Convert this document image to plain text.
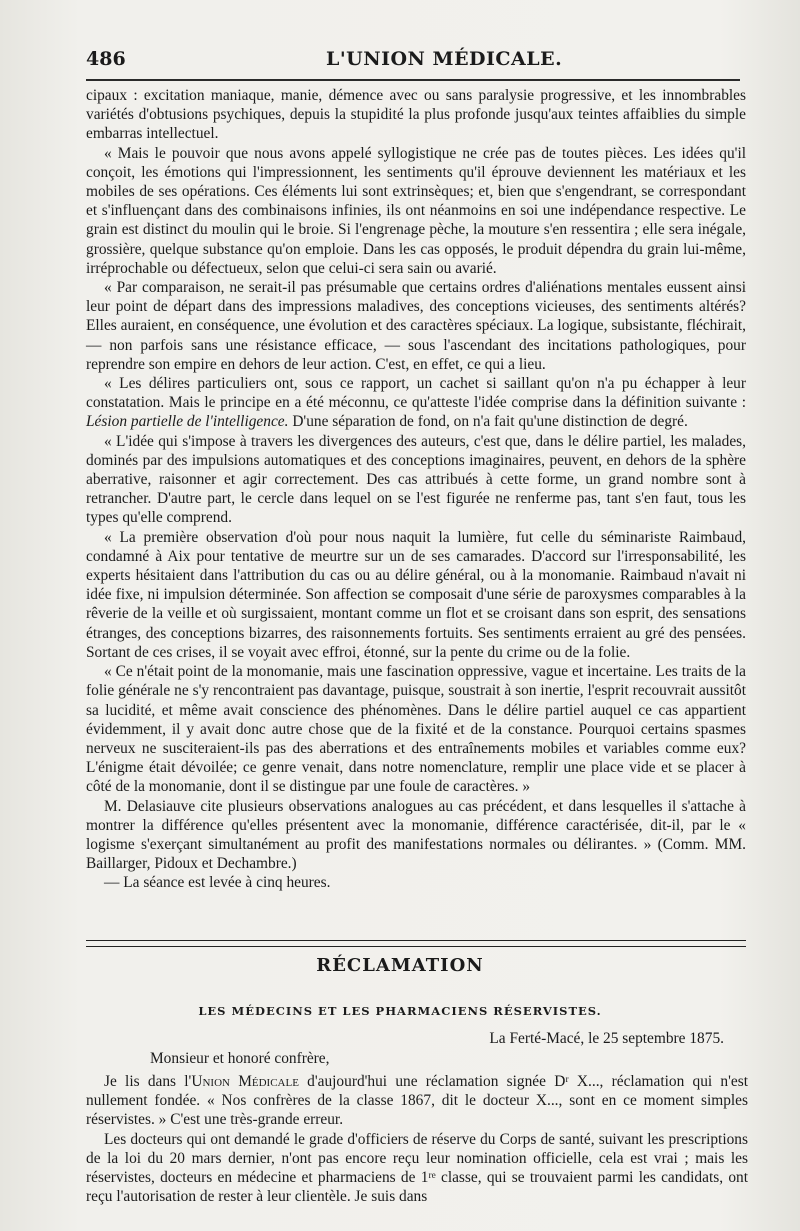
486	L'UNION MÉDICALE.

cipaux : excitation maniaque, manie, démence avec ou sans paralysie progressive, et les innombrables variétés d'obtusions psychiques, depuis la stupidité la plus profonde jusqu'aux teintes affaiblies du simple embarras intellectuel.

« Mais le pouvoir que nous avons appelé syllogistique ne crée pas de toutes pièces. Les idées qu'il conçoit, les émotions qui l'impressionnent, les sentiments qu'il éprouve deviennent les matériaux et les mobiles de ses opérations. Ces éléments lui sont extrinsèques; et, bien que s'engendrant, se correspondant et s'influençant dans des combinaisons infinies, ils ont néanmoins en soi une indépendance respective. Le grain est distinct du moulin qui le broie. Si l'engrenage pèche, la mouture s'en ressentira ; elle sera inégale, grossière, quelque substance qu'on emploie. Dans les cas opposés, le produit dépendra du grain lui-même, irréprochable ou défectueux, selon que celui-ci sera sain ou avarié.

« Par comparaison, ne serait-il pas présumable que certains ordres d'aliénations mentales eussent ainsi leur point de départ dans des impressions maladives, des conceptions vicieuses, des sentiments altérés? Elles auraient, en conséquence, une évolution et des caractères spéciaux. La logique, subsistante, fléchirait, — non parfois sans une résistance efficace, — sous l'ascendant des incitations pathologiques, pour reprendre son empire en dehors de leur action. C'est, en effet, ce qui a lieu.

« Les délires particuliers ont, sous ce rapport, un cachet si saillant qu'on n'a pu échapper à leur constatation. Mais le principe en a été méconnu, ce qu'atteste l'idée comprise dans la définition suivante : Lésion partielle de l'intelligence. D'une séparation de fond, on n'a fait qu'une distinction de degré.

« L'idée qui s'impose à travers les divergences des auteurs, c'est que, dans le délire partiel, les malades, dominés par des impulsions automatiques et des conceptions imaginaires, peuvent, en dehors de la sphère aberrative, raisonner et agir correctement. Des cas attribués à cette forme, un grand nombre sont à retrancher. D'autre part, le cercle dans lequel on se l'est figurée ne renferme pas, tant s'en faut, tous les types qu'elle comprend.

« La première observation d'où pour nous naquit la lumière, fut celle du séminariste Raimbaud, condamné à Aix pour tentative de meurtre sur un de ses camarades. D'accord sur l'irresponsabilité, les experts hésitaient dans l'attribution du cas ou au délire général, ou à la monomanie. Raimbaud n'avait ni idée fixe, ni impulsion déterminée. Son affection se composait d'une série de paroxysmes comparables à la rêverie de la veille et où surgissaient, montant comme un flot et se croisant dans son esprit, des sensations étranges, des conceptions bizarres, des raisonnements fortuits. Ses sentiments erraient au gré des pensées. Sortant de ces crises, il se voyait avec effroi, étonné, sur la pente du crime ou de la folie.

« Ce n'était point de la monomanie, mais une fascination oppressive, vague et incertaine. Les traits de la folie générale ne s'y rencontraient pas davantage, puisque, soustrait à son inertie, l'esprit recouvrait aussitôt sa lucidité, et même avait conscience des phénomènes. Dans le délire partiel auquel ce cas appartient évidemment, il y avait donc autre chose que de la fixité et de la constance. Pourquoi certains spasmes nerveux ne susciteraient-ils pas des aberrations et des entraînements mobiles et variables comme eux? L'énigme était dévoilée; ce genre venait, dans notre nomenclature, remplir une place vide et se placer à côté de la monomanie, dont il se distingue par une foule de caractères. »

M. Delasiauve cite plusieurs observations analogues au cas précédent, et dans lesquelles il s'attache à montrer la différence qu'elles présentent avec la monomanie, différence caractérisée, dit-il, par le « logisme s'exerçant simultanément au profit des manifestations normales ou délirantes. » (Comm. MM. Baillarger, Pidoux et Dechambre.)

— La séance est levée à cinq heures.

RÉCLAMATION
LES MÉDECINS ET LES PHARMACIENS RÉSERVISTES.
La Ferté-Macé, le 25 septembre 1875.
Monsieur et honoré confrère,

Je lis dans l'Union Médicale d'aujourd'hui une réclamation signée Dʳ X..., réclamation qui n'est nullement fondée. « Nos confrères de la classe 1867, dit le docteur X..., sont en ce moment simples réservistes. » C'est une très-grande erreur.

Les docteurs qui ont demandé le grade d'officiers de réserve du Corps de santé, suivant les prescriptions de la loi du 20 mars dernier, n'ont pas encore reçu leur nomination officielle, cela est vrai ; mais les réservistes, docteurs en médecine et pharmaciens de 1ʳᵉ classe, qui se trouvaient parmi les candidats, ont reçu l'autorisation de rester à leur clientèle. Je suis dans
